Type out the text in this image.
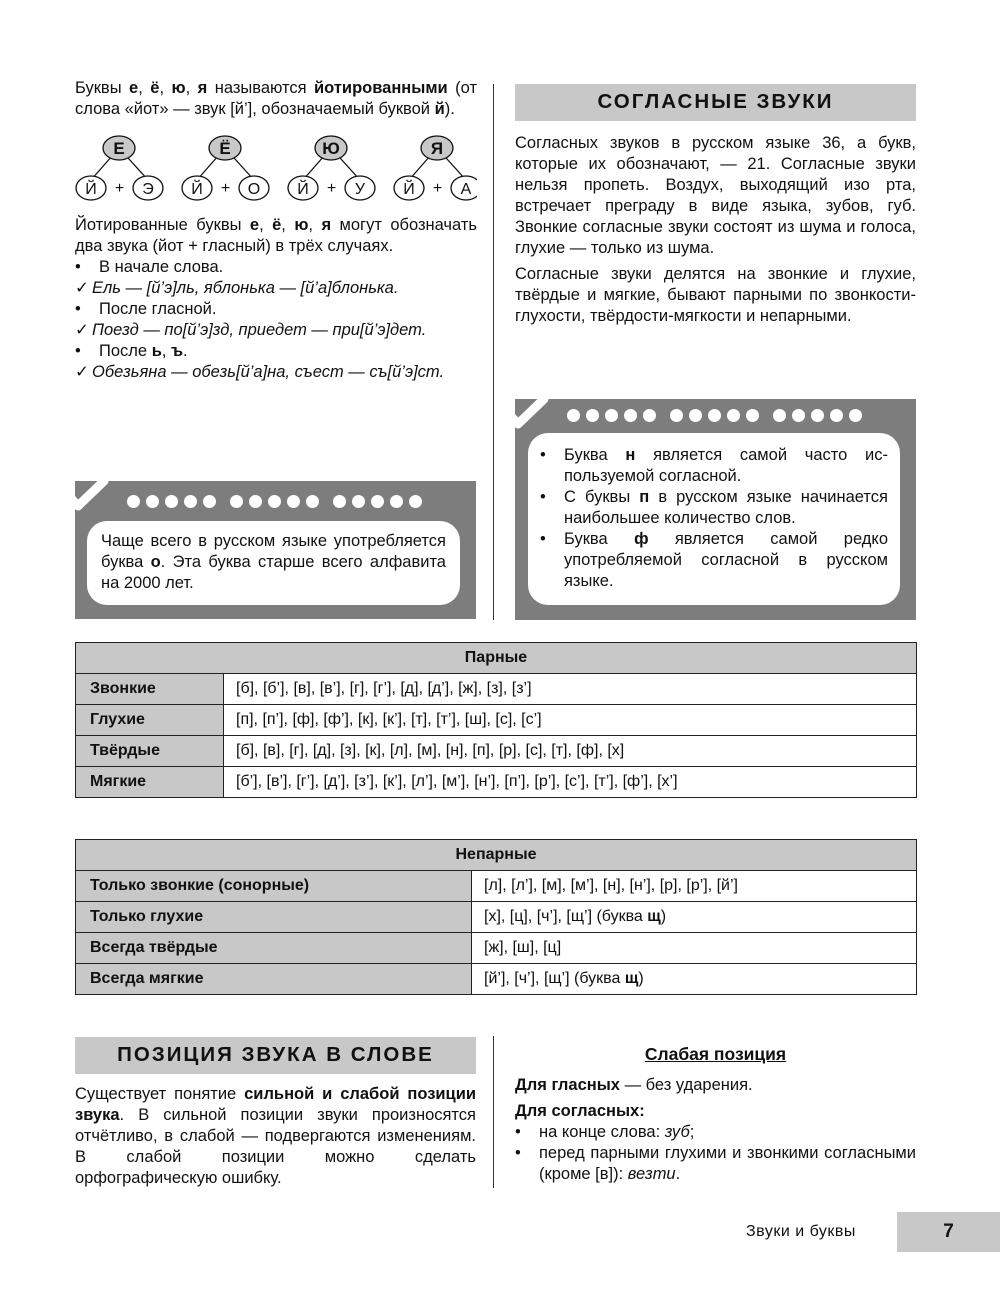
Буквы е, ё, ю, я называются йотированными (от слова «йот» — звук [й’], обозначаемый буквой й).

Е
Й	Э
+
Ё
Й	О
+
Ю
Й	У
+
Я
Й	А
+

Йотированные буквы е, ё, ю, я могут обозначать два звука (йот + гласный) в трёх случаях.

•	В начале слова.
✓ Ель — [й’э]ль, яблонька — [й’а]блонька.
•	После гласной.
✓ Поезд — по[й’э]зд, приедет — при[й’э]дет.
•	После ь, ъ.
✓ Обезьяна — обезь[й’а]на, съест — съ[й’э]ст.

Чаще всего в русском языке употребляется буква о. Эта буква старше всего алфавита на 2000 лет.

СОГЛАСНЫЕ ЗВУКИ

Согласных звуков в русском языке 36, а букв, которые их обозначают, — 21. Согласные звуки нельзя пропеть. Воздух, выходящий изо рта, встречает преграду в виде языка, зубов, губ. Звонкие согласные звуки состоят из шума и голоса, глухие — только из шума.

Согласные звуки делятся на звонкие и глухие, твёрдые и мягкие, бывают парными по звонкости-глухости, твёрдости-мягкости и непарными.

•	Буква н является самой часто используемой согласной.
•	С буквы п в русском языке начинается наибольшее количество слов.
•	Буква ф является самой редко употребляемой согласной в русском языке.
Парные	
Звонкие	[б], [б’], [в], [в’], [г], [г’], [д], [д’], [ж], [з], [з’]
Глухие	[п], [п’], [ф], [ф’], [к], [к’], [т], [т’], [ш], [с], [с’]
Твёрдые	[б], [в], [г], [д], [з], [к], [л], [м], [н], [п], [р], [с], [т], [ф], [х]
Мягкие	[б’], [в’], [г’], [д’], [з’], [к’], [л’], [м’], [н’], [п’], [р’], [с’], [т’], [ф’], [х’]
Непарные	
Только звонкие (сонорные)	[л], [л’], [м], [м’], [н], [н’], [р], [р’], [й’]
Только глухие	[х], [ц], [ч’], [щ’] (буква щ)
Всегда твёрдые	[ж], [ш], [ц]
Всегда мягкие	[й’], [ч’], [щ’] (буква щ)
ПОЗИЦИЯ ЗВУКА В СЛОВЕ

Существует понятие сильной и слабой позиции звука. В сильной позиции звуки произносятся отчётливо, в слабой — подвергаются изменениям. В слабой позиции можно сделать орфографическую ошибку.

Слабая позиция

Для гласных — без ударения.

Для согласных:

•	на конце слова: зуб;
•	перед парными глухими и звонкими согласными (кроме [в]): везти.
Звуки и буквы	7
